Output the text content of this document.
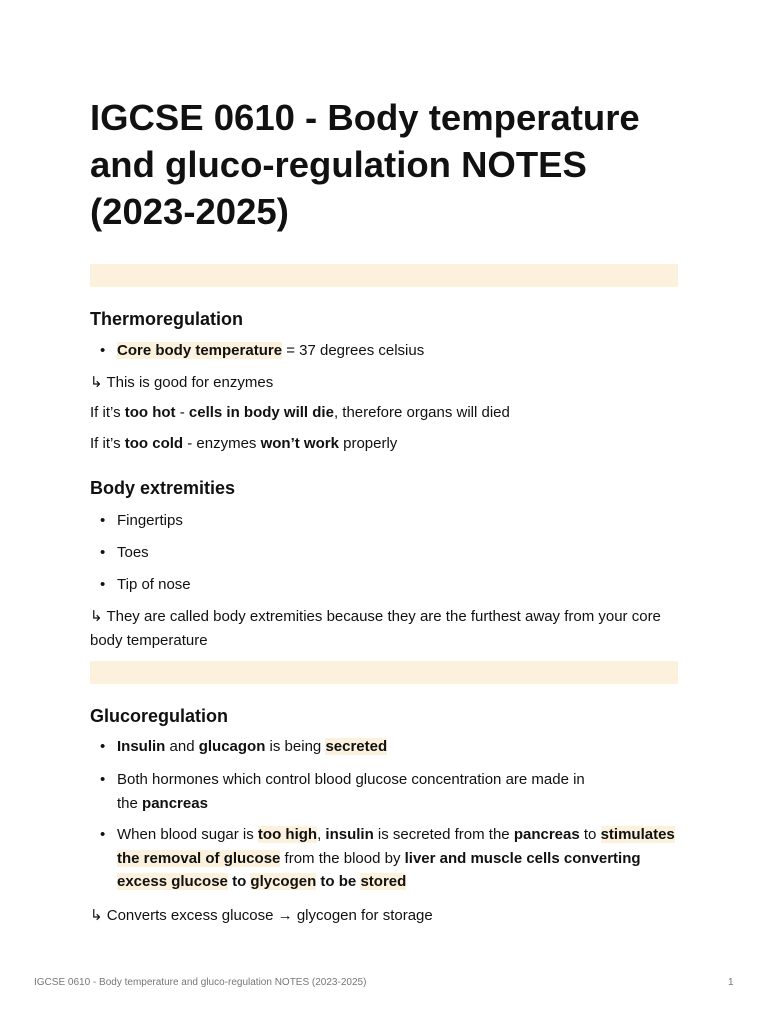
IGCSE 0610 - Body temperature and gluco-regulation NOTES (2023-2025)
Thermoregulation
• Core body temperature = 37 degrees celsius

↳ This is good for enzymes

If it’s too hot - cells in body will die, therefore organs will died

If it’s too cold - enzymes won’t work properly

Body extremities
• Fingertips
• Toes
• Tip of nose

↳ They are called body extremities because they are the furthest away from your core body temperature

Glucoregulation
• Insulin and glucagon is being secreted
• Both hormones which control blood glucose concentration are made in the pancreas
• When blood sugar is too high, insulin is secreted from the pancreas to stimulates the removal of glucose from the blood by liver and muscle cells converting excess glucose to glycogen to be stored

↳ Converts excess glucose → glycogen for storage

IGCSE 0610 - Body temperature and gluco-regulation NOTES (2023-2025)	1
